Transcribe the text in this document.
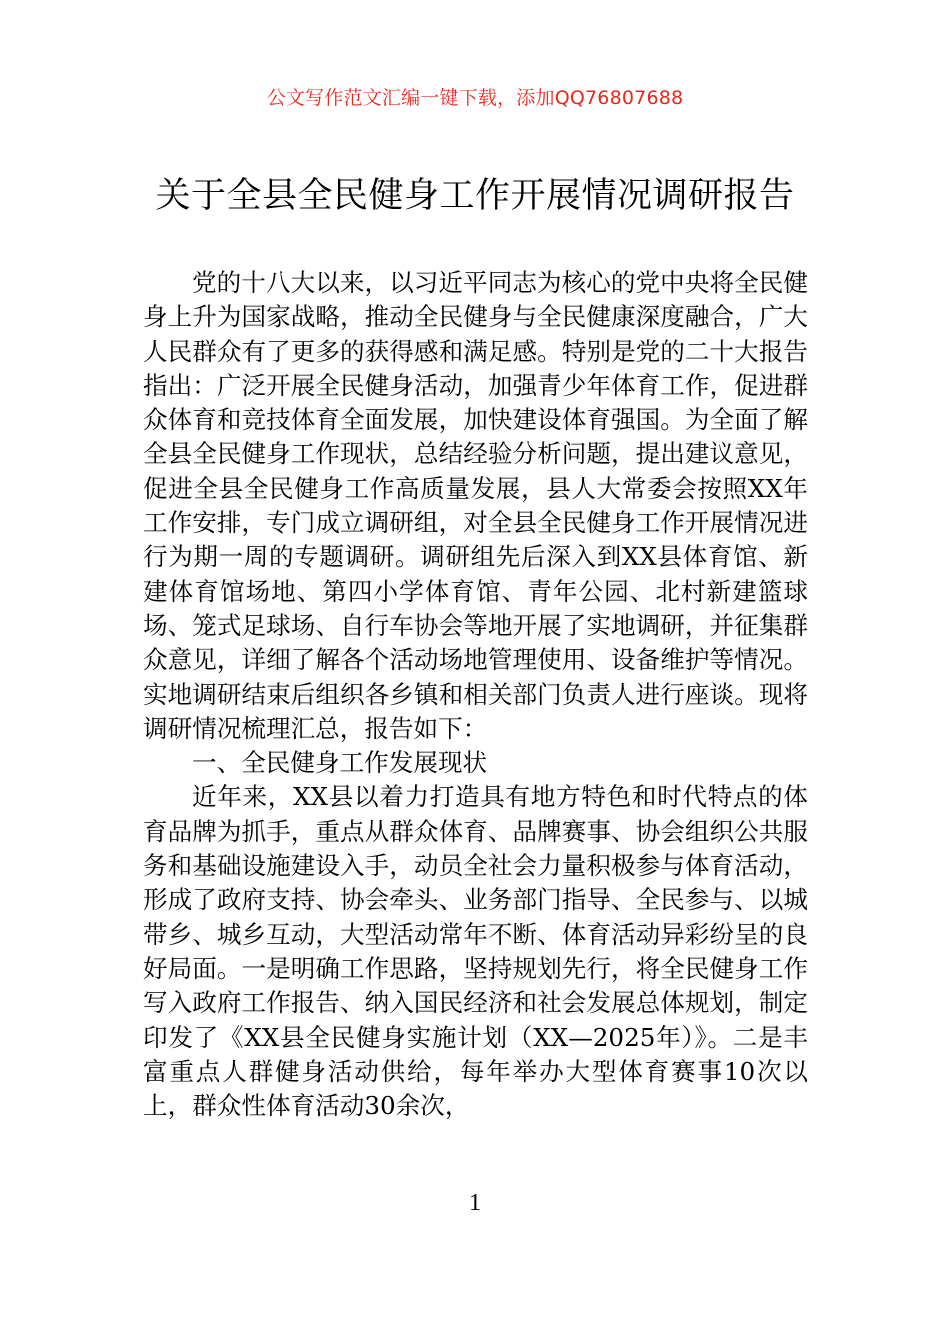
公文写作范文汇编一键下载，添加QQ76807688
关于全县全民健身工作开展情况调研报告

党的十八大以来，以习近平同志为核心的党中央将全民健身上升为国家战略，推动全民健身与全民健康深度融合，广大人民群众有了更多的获得感和满足感。特别是党的二十大报告指出：广泛开展全民健身活动，加强青少年体育工作，促进群众体育和竞技体育全面发展，加快建设体育强国。为全面了解全县全民健身工作现状，总结经验分析问题，提出建议意见，促进全县全民健身工作高质量发展，县人大常委会按照XX年工作安排，专门成立调研组，对全县全民健身工作开展情况进行为期一周的专题调研。调研组先后深入到XX县体育馆、新建体育馆场地、第四小学体育馆、青年公园、北村新建篮球场、笼式足球场、自行车协会等地开展了实地调研，并征集群众意见，详细了解各个活动场地管理使用、设备维护等情况。实地调研结束后组织各乡镇和相关部门负责人进行座谈。现将调研情况梳理汇总，报告如下：

一、全民健身工作发展现状

近年来，XX县以着力打造具有地方特色和时代特点的体育品牌为抓手，重点从群众体育、品牌赛事、协会组织公共服务和基础设施建设入手，动员全社会力量积极参与体育活动，形成了政府支持、协会牵头、业务部门指导、全民参与、以城带乡、城乡互动，大型活动常年不断、体育活动异彩纷呈的良好局面。一是明确工作思路，坚持规划先行，将全民健身工作写入政府工作报告、纳入国民经济和社会发展总体规划，制定印发了《XX县全民健身实施计划（XX—2025年）》。二是丰富重点人群健身活动供给，每年举办大型体育赛事10次以上，群众性体育活动30余次，

1
